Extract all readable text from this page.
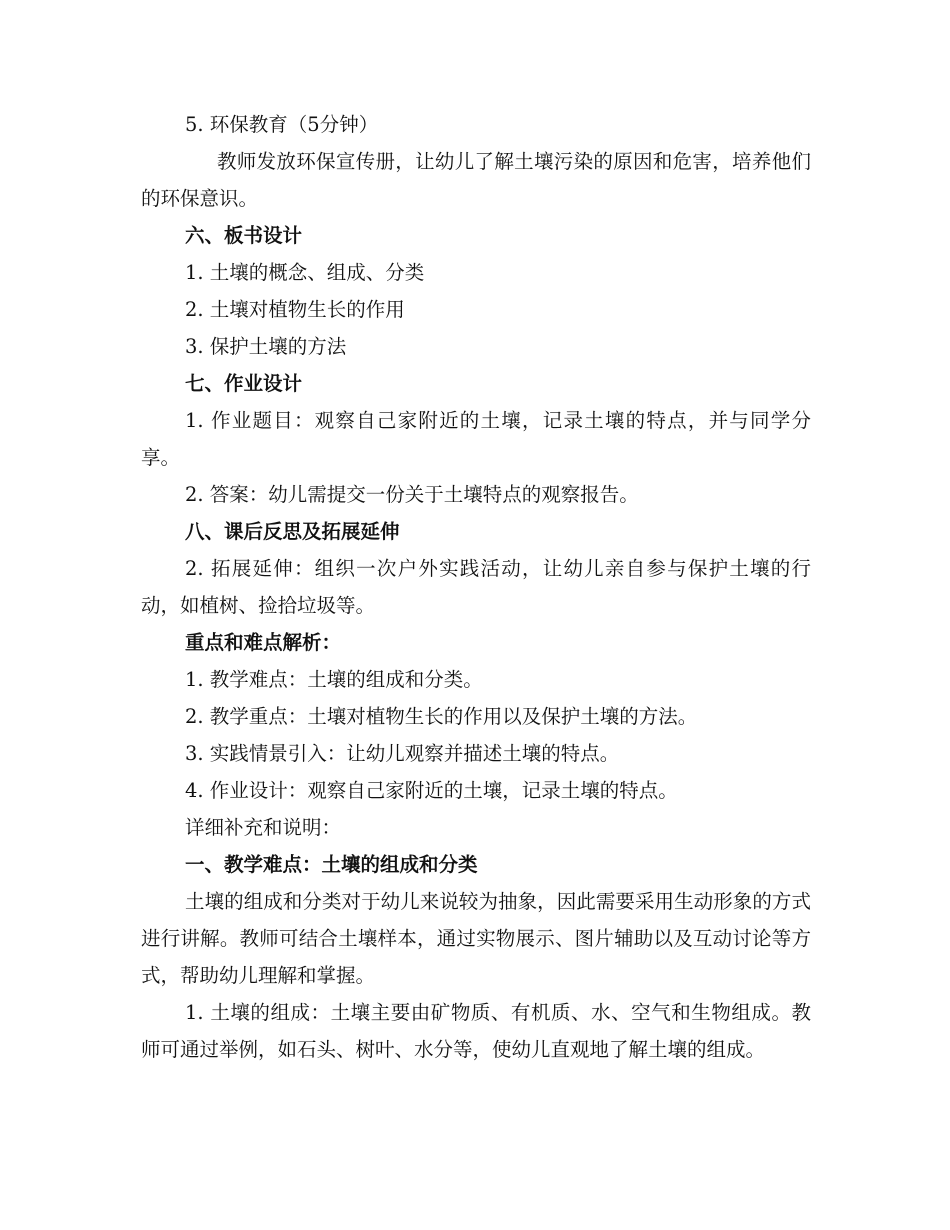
5. 环保教育（5分钟）

教师发放环保宣传册，让幼儿了解土壤污染的原因和危害，培养他们的环保意识。

六、板书设计

1. 土壤的概念、组成、分类

2. 土壤对植物生长的作用

3. 保护土壤的方法

七、作业设计

1. 作业题目：观察自己家附近的土壤，记录土壤的特点，并与同学分享。

2. 答案：幼儿需提交一份关于土壤特点的观察报告。

八、课后反思及拓展延伸

2. 拓展延伸：组织一次户外实践活动，让幼儿亲自参与保护土壤的行动，如植树、捡拾垃圾等。

重点和难点解析：

1. 教学难点：土壤的组成和分类。

2. 教学重点：土壤对植物生长的作用以及保护土壤的方法。

3. 实践情景引入：让幼儿观察并描述土壤的特点。

4. 作业设计：观察自己家附近的土壤，记录土壤的特点。

详细补充和说明：

一、教学难点：土壤的组成和分类

土壤的组成和分类对于幼儿来说较为抽象，因此需要采用生动形象的方式进行讲解。教师可结合土壤样本，通过实物展示、图片辅助以及互动讨论等方式，帮助幼儿理解和掌握。

1. 土壤的组成：土壤主要由矿物质、有机质、水、空气和生物组成。教师可通过举例，如石头、树叶、水分等，使幼儿直观地了解土壤的组成。
